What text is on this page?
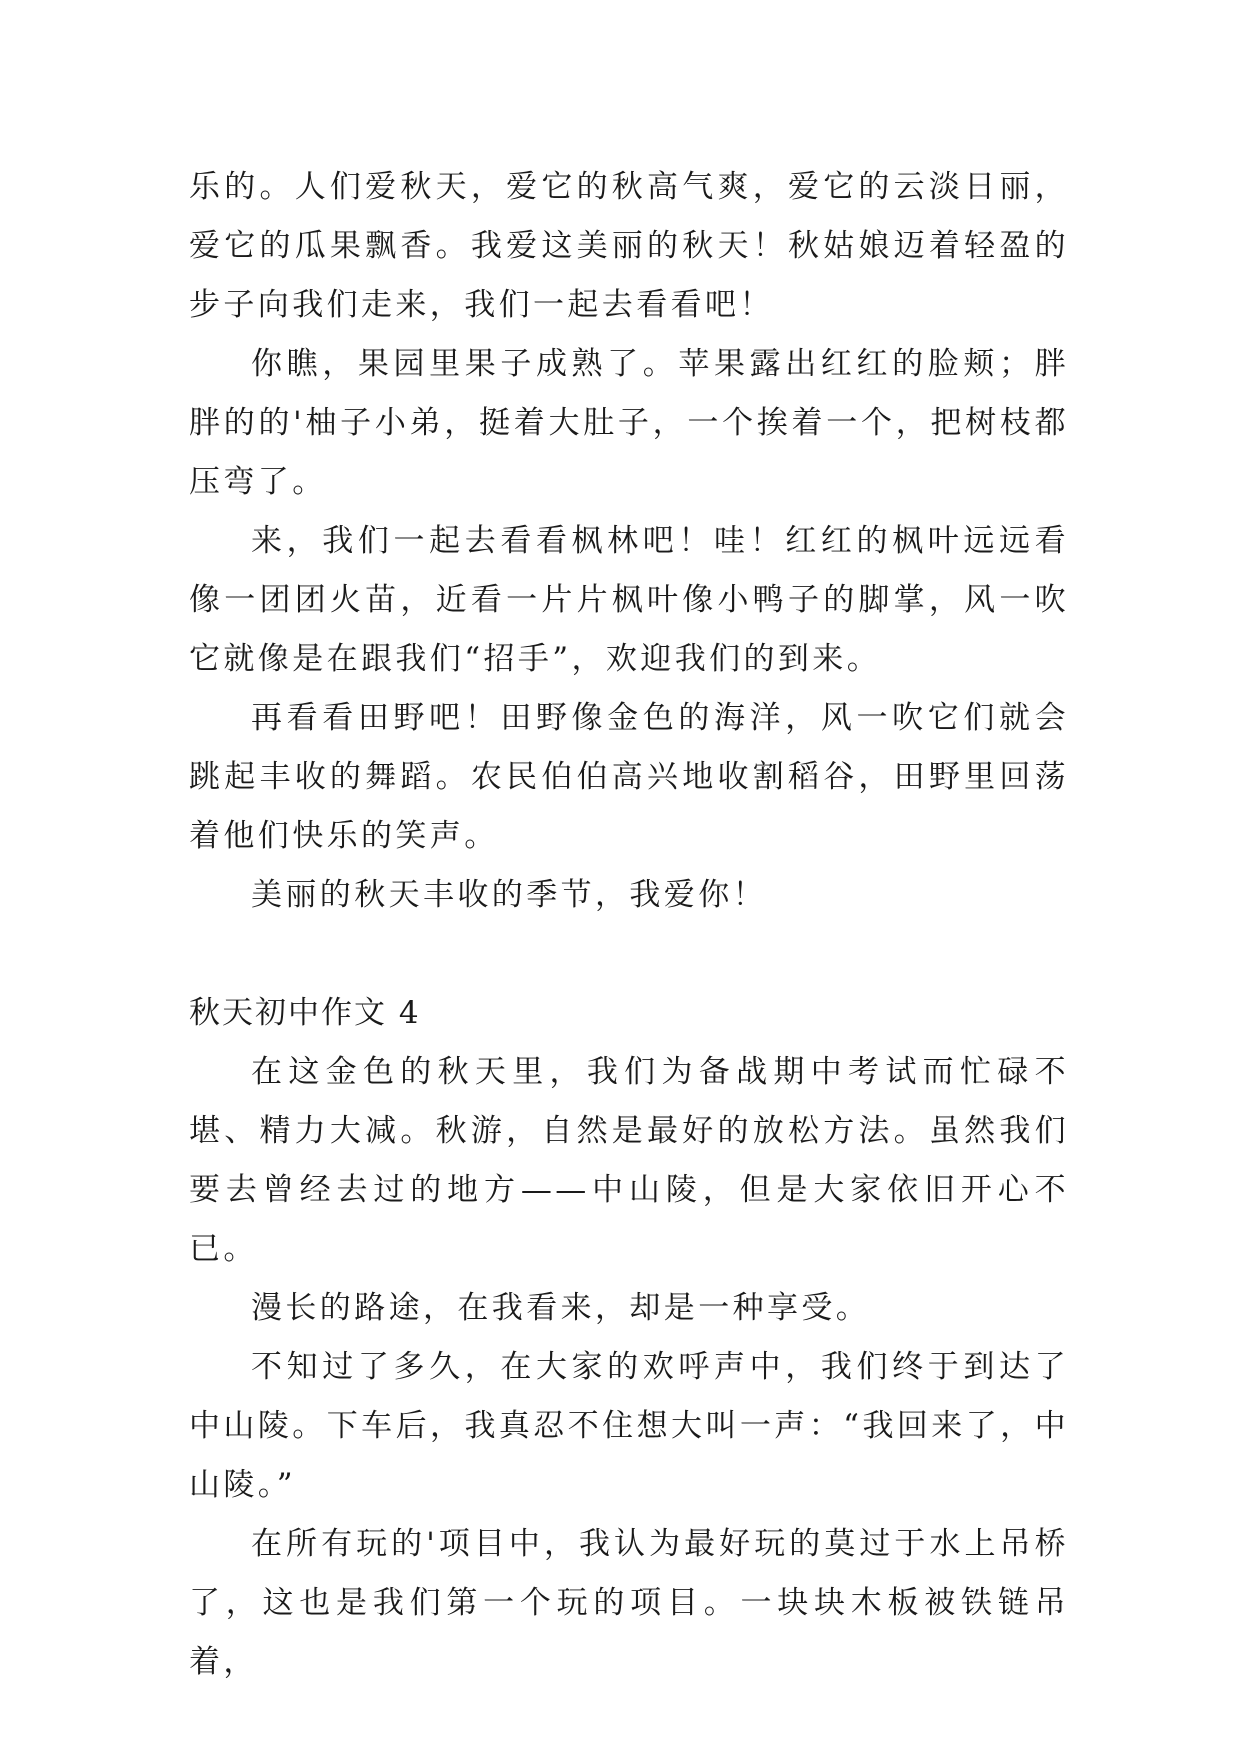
乐的。人们爱秋天，爱它的秋高气爽，爱它的云淡日丽，爱它的瓜果飘香。我爱这美丽的秋天！秋姑娘迈着轻盈的步子向我们走来，我们一起去看看吧！

你瞧，果园里果子成熟了。苹果露出红红的脸颊；胖胖的的'柚子小弟，挺着大肚子，一个挨着一个，把树枝都压弯了。

来，我们一起去看看枫林吧！哇！红红的枫叶远远看像一团团火苗，近看一片片枫叶像小鸭子的脚掌，风一吹它就像是在跟我们“招手”，欢迎我们的到来。

再看看田野吧！田野像金色的海洋，风一吹它们就会跳起丰收的舞蹈。农民伯伯高兴地收割稻谷，田野里回荡着他们快乐的笑声。

美丽的秋天丰收的季节，我爱你！

秋天初中作文 4

在这金色的秋天里，我们为备战期中考试而忙碌不堪、精力大减。秋游，自然是最好的放松方法。虽然我们要去曾经去过的地方——中山陵，但是大家依旧开心不已。

漫长的路途，在我看来，却是一种享受。

不知过了多久，在大家的欢呼声中，我们终于到达了中山陵。下车后，我真忍不住想大叫一声：“我回来了，中山陵。”

在所有玩的'项目中，我认为最好玩的莫过于水上吊桥了，这也是我们第一个玩的项目。一块块木板被铁链吊着，
